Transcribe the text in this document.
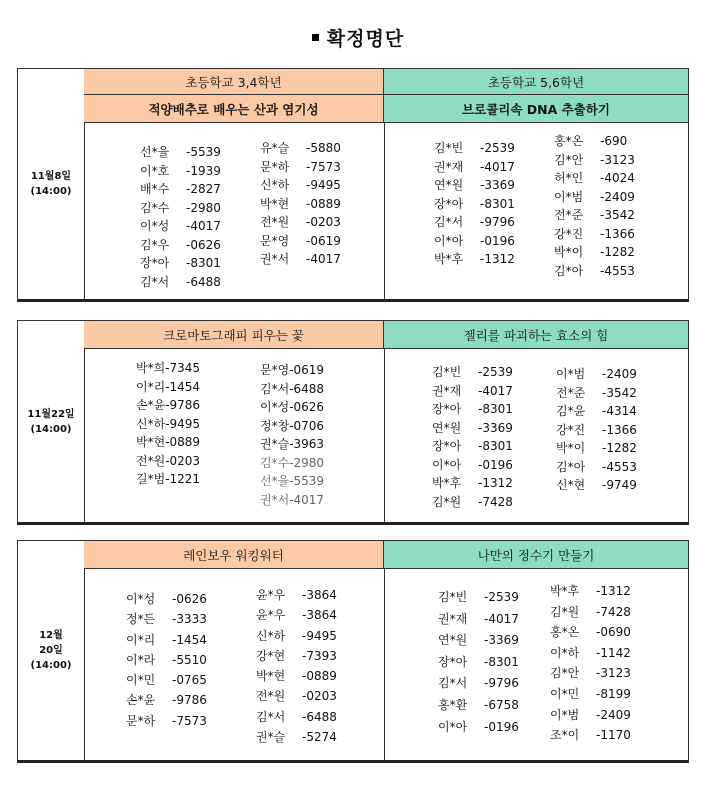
확정명단
11월8일
(14:00)
초등학교 3,4학년	초등학교 5,6학년
적양배추로 배우는 산과 염기성	브로콜리속 DNA 추출하기
선*율	-5539
이*호	-1939
배*수	-2827
김*수	-2980
이*성	-4017
김*우	-0626
장*아	-8301
김*서	-6488
유*슬	-5880
문*하	-7573
신*하	-9495
박*현	-0889
전*원	-0203
문*영	-0619
권*서	-4017
김*빈	-2539
권*재	-4017
연*원	-3369
장*아	-8301
김*서	-9796
이*아	-0196
박*후	-1312
홍*온	-690
김*안	-3123
허*인	-4024
이*범	-2409
전*준	-3542
강*진	-1366
박*이	-1282
김*아	-4553
11월22일
(14:00)
크로마토그래피 피우는 꽃	젤리를 파괴하는 효소의 힘
박*희 -7345
이*리 -1454
손*윤 -9786
신*하 -9495
박*현 -0889
전*원 -0203
길*범 -1221
문*영 -0619
김*서 -6488
이*성 -0626
정*창 -0706
권*슬 -3963
김*수 -2980
선*율 -5539
권*서 -4017
김*빈	-2539
권*재	-4017
장*아	-8301
연*원	-3369
장*아	-8301
이*아	-0196
박*후	-1312
김*원	-7428
이*범	-2409
전*준	-3542
김*윤	-4314
강*진	-1366
박*이	-1282
김*아	-4553
신*현	-9749
12월
20일
(14:00)
레인보우 워킹워터	나만의 정수기 만들기
이*성	-0626
정*든	-3333
이*리	-1454
이*라	-5510
이*민	-0765
손*윤	-9786
문*하	-7573
윤*우	-3864
윤*우	-3864
신*하	-9495
강*현	-7393
박*현	-0889
전*원	-0203
김*서	-6488
권*슬	-5274
김*빈	-2539
권*재	-4017
연*원	-3369
장*아	-8301
김*서	-9796
홍*환	-6758
이*아	-0196
박*후	-1312
김*원	-7428
홍*온	-0690
이*하	-1142
김*안	-3123
이*민	-8199
이*범	-2409
조*이	-1170
